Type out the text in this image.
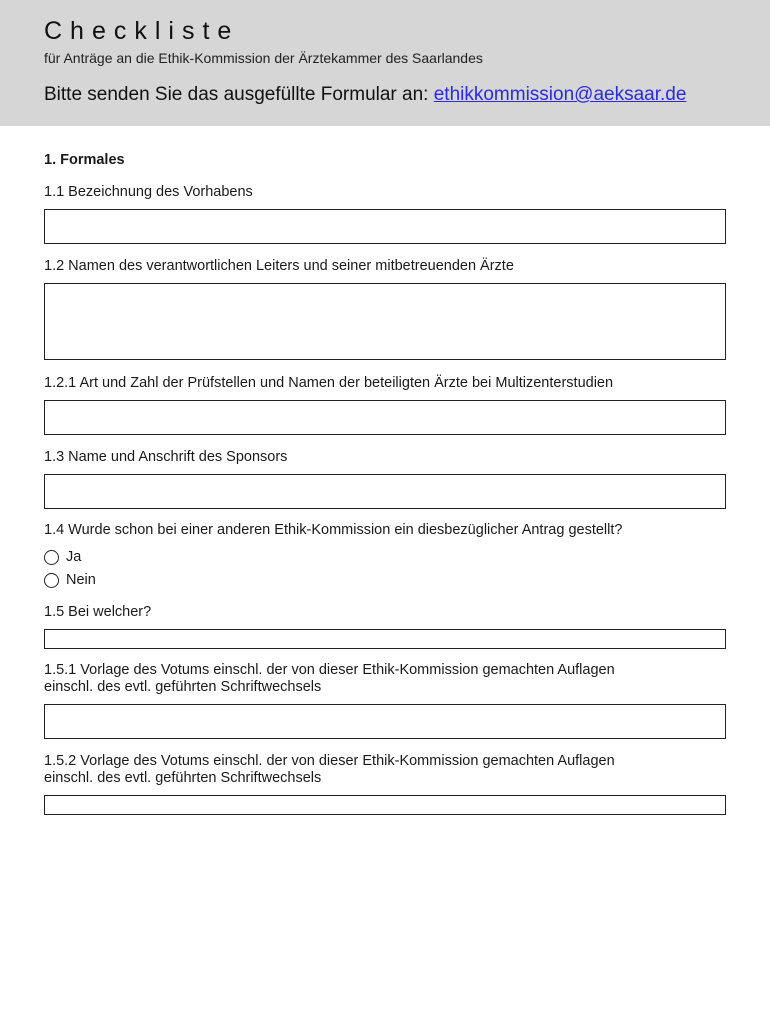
Checkliste
für Anträge an die Ethik-Kommission der Ärztekammer des Saarlandes
Bitte senden Sie das ausgefüllte Formular an: ethikkommission@aeksaar.de
1. Formales
1.1 Bezeichnung des Vorhabens
1.2 Namen des verantwortlichen Leiters und seiner mitbetreuenden Ärzte
1.2.1 Art und Zahl der Prüfstellen und Namen der beteiligten Ärzte bei Multizenterstudien
1.3 Name und Anschrift des Sponsors
1.4 Wurde schon bei einer anderen Ethik-Kommission ein diesbezüglicher Antrag gestellt?
Ja
Nein
1.5 Bei welcher?
1.5.1 Vorlage des Votums einschl. der von dieser Ethik-Kommission gemachten Auflagen
einschl. des evtl. geführten Schriftwechsels
1.5.2 Vorlage des Votums einschl. der von dieser Ethik-Kommission gemachten Auflagen
einschl. des evtl. geführten Schriftwechsels
